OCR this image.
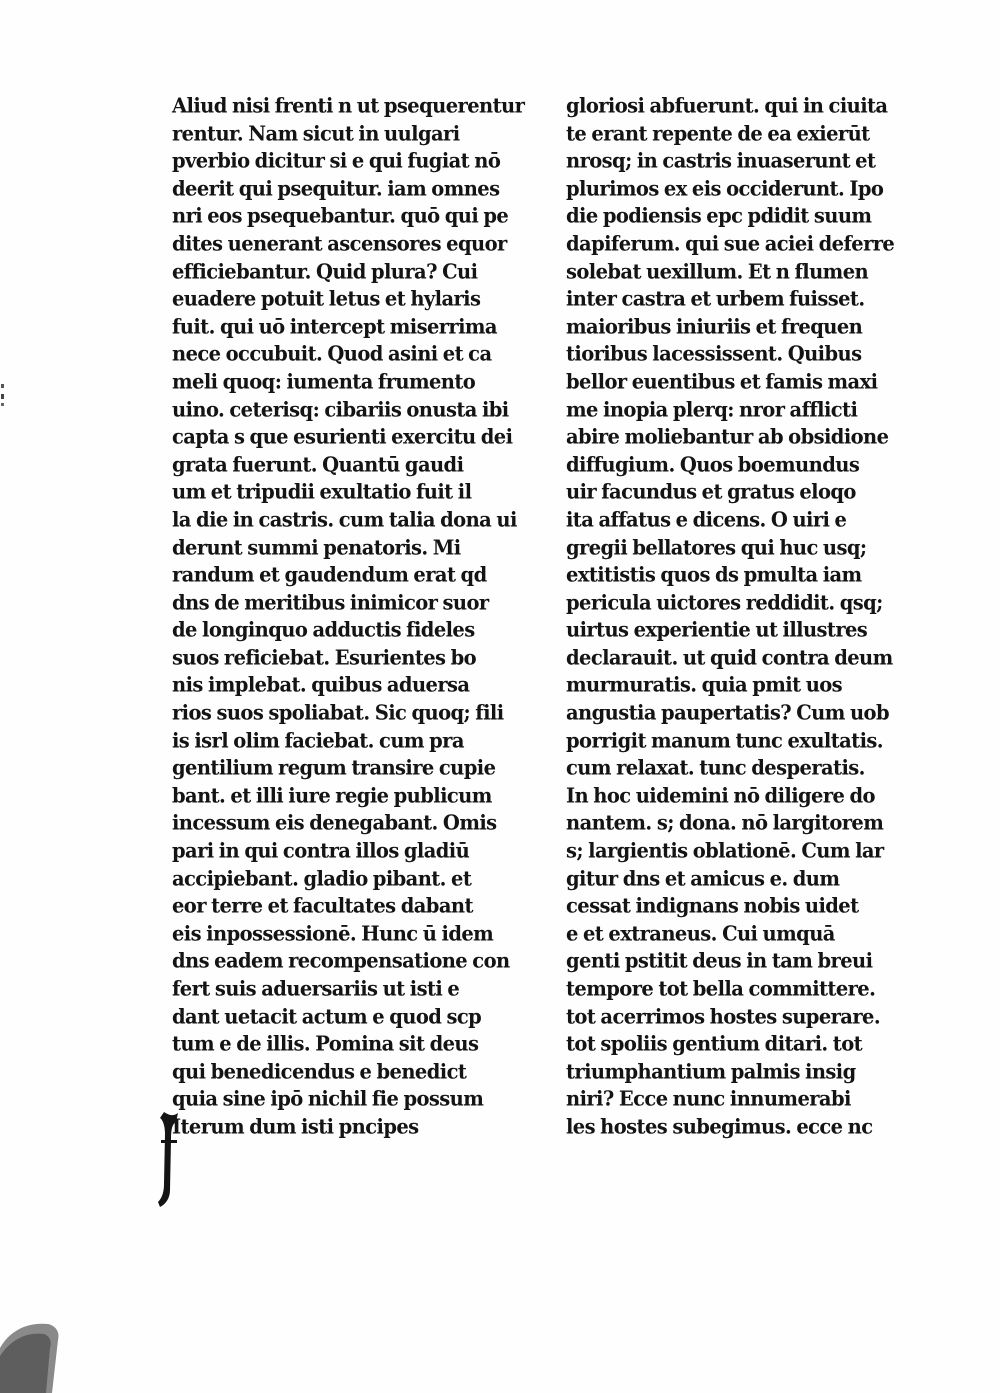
Aliud nisi frenti n ut psequerentur
rentur. Nam sicut in uulgari
pverbio dicitur si e qui fugiat nō
deerit qui psequitur. iam omnes
nri eos psequebantur. quō qui pe
dites uenerant ascensores equor
efficiebantur. Quid plura? Cui
euadere potuit letus et hylaris
fuit. qui uō intercept miserrima
nece occubuit. Quod asini et ca
meli quoq: iumenta frumento
uino. ceterisq: cibariis onusta ibi
capta s que esurienti exercitu dei
grata fuerunt. Quantū gaudi
um et tripudii exultatio fuit il
la die in castris. cum talia dona ui
derunt summi penatoris. Mi
randum et gaudendum erat qd
dns de meritibus inimicor suor
de longinquo adductis fideles
suos reficiebat. Esurientes bo
nis implebat. quibus aduersa
rios suos spoliabat. Sic quoq; fili
is isrl olim faciebat. cum pra
gentilium regum transire cupie
bant. et illi iure regie publicum
incessum eis denegabant. Omis
pari in qui contra illos gladiū
accipiebant. gladio pibant. et
eor terre et facultates dabant
eis inpossessionē. Hunc ū idem
dns eadem recompensatione con
fert suis aduersariis ut isti e
dant uetacit actum e quod scp
tum e de illis. Pomina sit deus
qui benedicendus e benedict
quia sine ipō nichil fie possum
Iterum dum isti pncipes
gloriosi abfuerunt. qui in ciuita
te erant repente de ea exierūt
nrosq; in castris inuaserunt et
plurimos ex eis occiderunt. Ipo
die podiensis epc pdidit suum
dapiferum. qui sue aciei deferre
solebat uexillum. Et n flumen
inter castra et urbem fuisset.
maioribus iniuriis et frequen
tioribus lacessissent. Quibus
bellor euentibus et famis maxi
me inopia plerq: nror afflicti
abire moliebantur ab obsidione
diffugium. Quos boemundus
uir facundus et gratus eloqo
ita affatus e dicens. O uiri e
gregii bellatores qui huc usq;
extitistis quos ds pmulta iam
pericula uictores reddidit. qsq;
uirtus experientie ut illustres
declarauit. ut quid contra deum
murmuratis. quia pmit uos
angustia paupertatis? Cum uob
porrigit manum tunc exultatis.
cum relaxat. tunc desperatis.
In hoc uidemini nō diligere do
nantem. s; dona. nō largitorem
s; largientis oblationē. Cum lar
gitur dns et amicus e. dum
cessat indignans nobis uidet
e et extraneus. Cui umquā
genti pstitit deus in tam breui
tempore tot bella committere.
tot acerrimos hostes superare.
tot spoliis gentium ditari. tot
triumphantium palmis insig
niri? Ecce nunc innumerabi
les hostes subegimus. ecce nc
